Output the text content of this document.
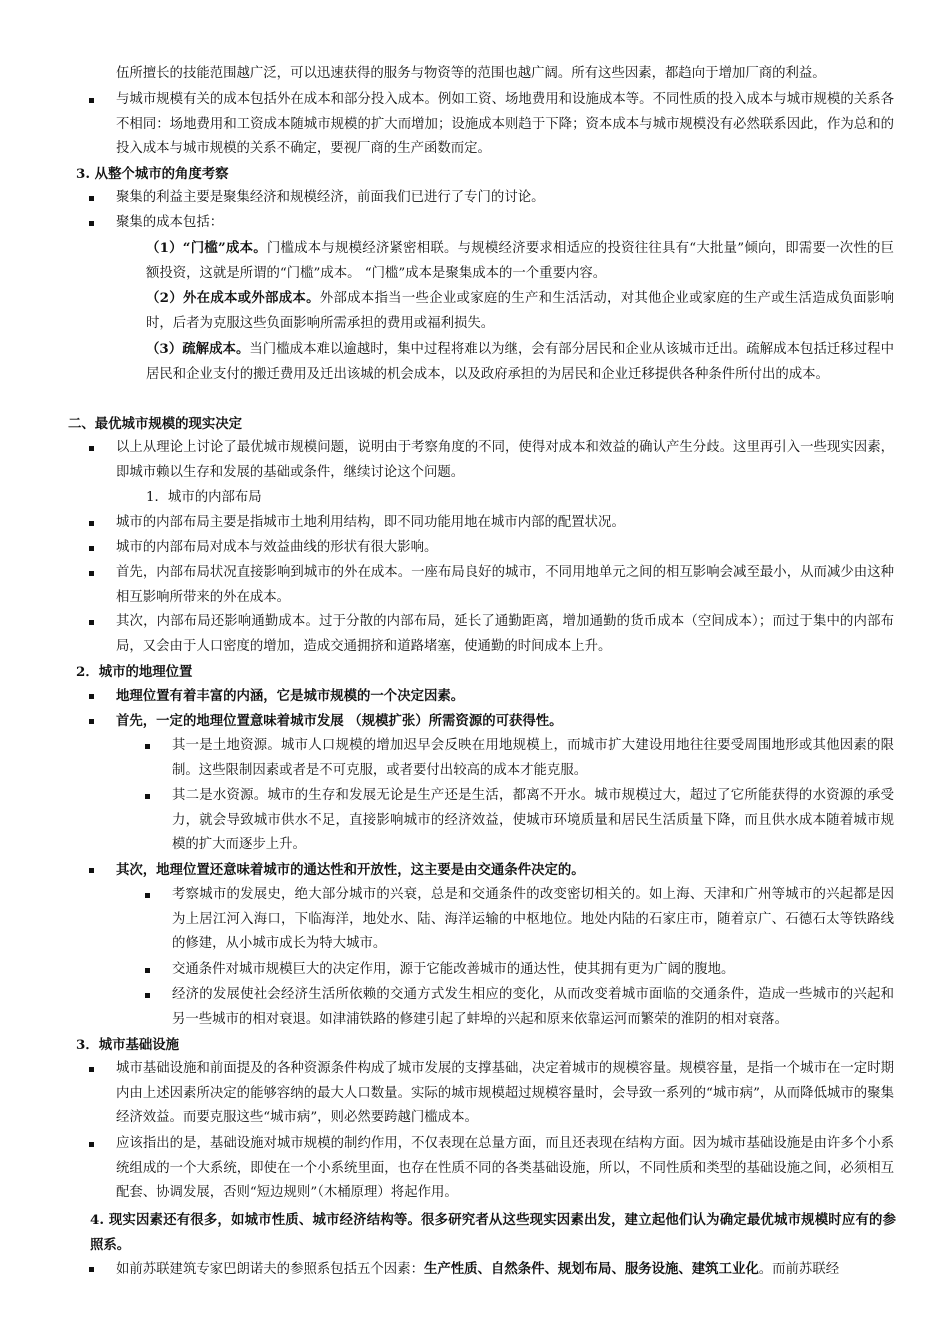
伍所擅长的技能范围越广泛，可以迅速获得的服务与物资等的范围也越广阔。所有这些因素，都趋向于增加厂商的利益。
与城市规模有关的成本包括外在成本和部分投入成本。例如工资、场地费用和设施成本等。不同性质的投入成本与城市规模的关系各不相同：场地费用和工资成本随城市规模的扩大而增加；设施成本则趋于下降；资本成本与城市规模没有必然联系因此，作为总和的投入成本与城市规模的关系不确定，要视厂商的生产函数而定。
3. 从整个城市的角度考察
聚集的利益主要是聚集经济和规模经济，前面我们已进行了专门的讨论。
聚集的成本包括：
（1）“门槛”成本。门槛成本与规模经济紧密相联。与规模经济要求相适应的投资往往具有“大批量”倾向，即需要一次性的巨额投资，这就是所谓的“门槛”成本。 “门槛”成本是聚集成本的一个重要内容。
（2）外在成本或外部成本。外部成本指当一些企业或家庭的生产和生活活动，对其他企业或家庭的生产或生活造成负面影响时，后者为克服这些负面影响所需承担的费用或福利损失。
（3）疏解成本。当门槛成本难以逾越时，集中过程将难以为继，会有部分居民和企业从该城市迁出。疏解成本包括迁移过程中居民和企业支付的搬迁费用及迁出该城的机会成本，以及政府承担的为居民和企业迁移提供各种条件所付出的成本。
二、最优城市规模的现实决定
以上从理论上讨论了最优城市规模问题，说明由于考察角度的不同，使得对成本和效益的确认产生分歧。这里再引入一些现实因素，即城市赖以生存和发展的基础或条件，继续讨论这个问题。
1．城市的内部布局
城市的内部布局主要是指城市土地利用结构，即不同功能用地在城市内部的配置状况。
城市的内部布局对成本与效益曲线的形状有很大影响。
首先，内部布局状况直接影响到城市的外在成本。一座布局良好的城市，不同用地单元之间的相互影响会减至最小，从而减少由这种相互影响所带来的外在成本。
其次，内部布局还影响通勤成本。过于分散的内部布局，延长了通勤距离，增加通勤的货币成本（空间成本）；而过于集中的内部布局，又会由于人口密度的增加，造成交通拥挤和道路堵塞，使通勤的时间成本上升。
2．城市的地理位置
地理位置有着丰富的内涵，它是城市规模的一个决定因素。
首先，一定的地理位置意味着城市发展 （规模扩张）所需资源的可获得性。
其一是土地资源。城市人口规模的增加迟早会反映在用地规模上，而城市扩大建设用地往往要受周围地形或其他因素的限制。这些限制因素或者是不可克服，或者要付出较高的成本才能克服。
其二是水资源。城市的生存和发展无论是生产还是生活，都离不开水。城市规模过大，超过了它所能获得的水资源的承受力，就会导致城市供水不足，直接影响城市的经济效益，使城市环境质量和居民生活质量下降，而且供水成本随着城市规模的扩大而逐步上升。
其次，地理位置还意味着城市的通达性和开放性，这主要是由交通条件决定的。
考察城市的发展史，绝大部分城市的兴衰，总是和交通条件的改变密切相关的。如上海、天津和广州等城市的兴起都是因为上居江河入海口，下临海洋，地处水、陆、海洋运输的中枢地位。地处内陆的石家庄市，随着京广、石德石太等铁路线的修建，从小城市成长为特大城市。
交通条件对城市规模巨大的决定作用，源于它能改善城市的通达性，使其拥有更为广阔的腹地。
经济的发展使社会经济生活所依赖的交通方式发生相应的变化，从而改变着城市面临的交通条件，造成一些城市的兴起和另一些城市的相对衰退。如津浦铁路的修建引起了蚌埠的兴起和原来依靠运河而繁荣的淮阴的相对衰落。
3．城市基础设施
城市基础设施和前面提及的各种资源条件构成了城市发展的支撑基础，决定着城市的规模容量。规模容量，是指一个城市在一定时期内由上述因素所决定的能够容纳的最大人口数量。实际的城市规模超过规模容量时，会导致一系列的“城市病”，从而降低城市的聚集经济效益。而要克服这些“城市病”，则必然要跨越门槛成本。
应该指出的是，基础设施对城市规模的制约作用，不仅表现在总量方面，而且还表现在结构方面。因为城市基础设施是由许多个小系统组成的一个大系统，即使在一个小系统里面，也存在性质不同的各类基础设施，所以，不同性质和类型的基础设施之间，必须相互配套、协调发展，否则“短边规则”（木桶原理）将起作用。
4. 现实因素还有很多，如城市性质、城市经济结构等。很多研究者从这些现实因素出发，建立起他们认为确定最优城市规模时应有的参照系。
如前苏联建筑专家巴朗诺夫的参照系包括五个因素：生产性质、自然条件、规划布局、服务设施、建筑工业化。而前苏联经
